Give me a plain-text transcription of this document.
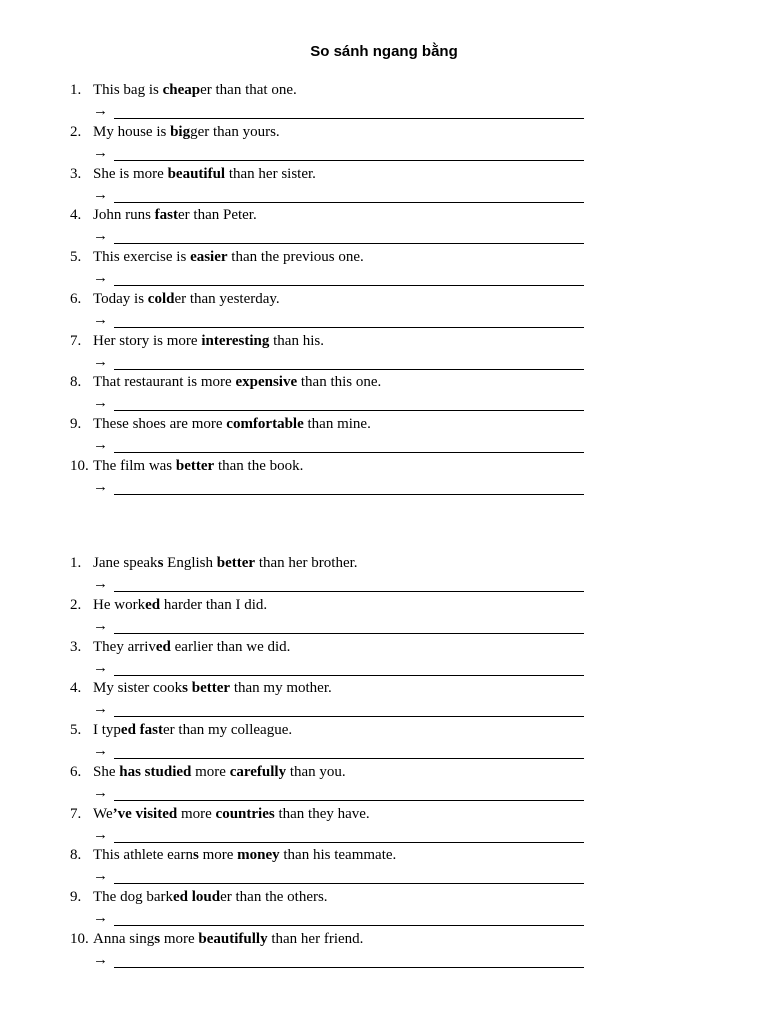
So sánh ngang bằng
1. This bag is cheaper than that one.
→
2. My house is bigger than yours.
→
3. She is more beautiful than her sister.
→
4. John runs faster than Peter.
→
5. This exercise is easier than the previous one.
→
6. Today is colder than yesterday.
→
7. Her story is more interesting than his.
→
8. That restaurant is more expensive than this one.
→
9. These shoes are more comfortable than mine.
→
10. The film was better than the book.
→
1. Jane speaks English better than her brother.
→
2. He worked harder than I did.
→
3. They arrived earlier than we did.
→
4. My sister cooks better than my mother.
→
5. I typed faster than my colleague.
→
6. She has studied more carefully than you.
→
7. We’ve visited more countries than they have.
→
8. This athlete earns more money than his teammate.
→
9. The dog barked louder than the others.
→
10. Anna sings more beautifully than her friend.
→
